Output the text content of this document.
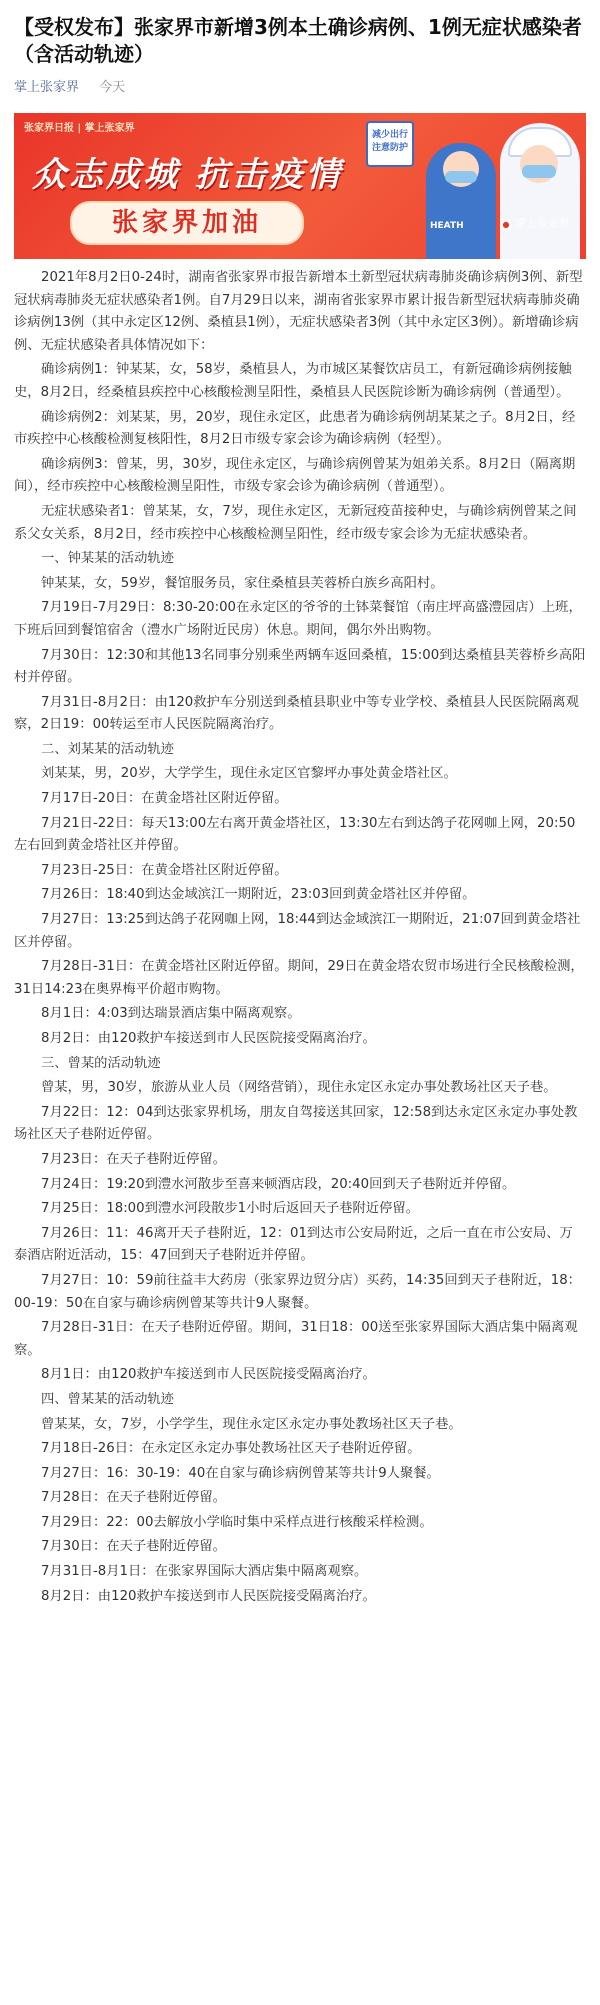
【受权发布】张家界市新增3例本土确诊病例、1例无症状感染者（含活动轨迹）
掌上张家界 今天
张家界日报 | 掌上张家界
众志成城 抗击疫情
张家界加油
减少出行 注意防护
HEATH	● 掌上张家界

2021年8月2日0-24时，湖南省张家界市报告新增本土新型冠状病毒肺炎确诊病例3例、新型冠状病毒肺炎无症状感染者1例。自7月29日以来，湖南省张家界市累计报告新型冠状病毒肺炎确诊病例13例（其中永定区12例、桑植县1例），无症状感染者3例（其中永定区3例）。新增确诊病例、无症状感染者具体情况如下：

确诊病例1：钟某某，女，58岁，桑植县人，为市城区某餐饮店员工，有新冠确诊病例接触史，8月2日，经桑植县疾控中心核酸检测呈阳性，桑植县人民医院诊断为确诊病例（普通型）。

确诊病例2：刘某某，男，20岁，现住永定区，此患者为确诊病例胡某某之子。8月2日，经市疾控中心核酸检测复核阳性，8月2日市级专家会诊为确诊病例（轻型）。

确诊病例3：曾某，男，30岁，现住永定区，与确诊病例曾某为姐弟关系。8月2日（隔离期间），经市疾控中心核酸检测呈阳性，市级专家会诊为确诊病例（普通型）。

无症状感染者1：曾某某，女，7岁，现住永定区，无新冠疫苗接种史，与确诊病例曾某之间系父女关系，8月2日，经市疾控中心核酸检测呈阳性，经市级专家会诊为无症状感染者。

一、钟某某的活动轨迹

钟某某，女，59岁，餐馆服务员，家住桑植县芙蓉桥白族乡高阳村。

7月19日-7月29日：8:30-20:00在永定区的爷爷的土钵菜餐馆（南庄坪高盛澧园店）上班，下班后回到餐馆宿舍（澧水广场附近民房）休息。期间，偶尔外出购物。

7月30日：12:30和其他13名同事分别乘坐两辆车返回桑植，15:00到达桑植县芙蓉桥乡高阳村并停留。

7月31日-8月2日：由120救护车分别送到桑植县职业中等专业学校、桑植县人民医院隔离观察，2日19：00转运至市人民医院隔离治疗。

二、刘某某的活动轨迹

刘某某，男，20岁，大学学生，现住永定区官黎坪办事处黄金塔社区。

7月17日-20日：在黄金塔社区附近停留。

7月21日-22日：每天13:00左右离开黄金塔社区，13:30左右到达鸽子花网咖上网，20:50左右回到黄金塔社区并停留。

7月23日-25日：在黄金塔社区附近停留。

7月26日：18:40到达金域滨江一期附近，23:03回到黄金塔社区并停留。

7月27日：13:25到达鸽子花网咖上网，18:44到达金域滨江一期附近，21:07回到黄金塔社区并停留。

7月28日-31日：在黄金塔社区附近停留。期间，29日在黄金塔农贸市场进行全民核酸检测，31日14:23在奥界梅平价超市购物。

8月1日：4:03到达瑞景酒店集中隔离观察。

8月2日：由120救护车接送到市人民医院接受隔离治疗。

三、曾某的活动轨迹

曾某，男，30岁，旅游从业人员（网络营销），现住永定区永定办事处教场社区天子巷。

7月22日：12：04到达张家界机场，朋友自驾接送其回家，12:58到达永定区永定办事处教场社区天子巷附近停留。

7月23日：在天子巷附近停留。

7月24日：19:20到澧水河散步至喜来顿酒店段，20:40回到天子巷附近并停留。

7月25日：18:00到澧水河段散步1小时后返回天子巷附近停留。

7月26日：11：46离开天子巷附近，12：01到达市公安局附近，之后一直在市公安局、万泰酒店附近活动，15：47回到天子巷附近并停留。

7月27日：10：59前往益丰大药房（张家界边贸分店）买药，14:35回到天子巷附近，18：00-19：50在自家与确诊病例曾某等共计9人聚餐。

7月28日-31日：在天子巷附近停留。期间，31日18：00送至张家界国际大酒店集中隔离观察。

8月1日：由120救护车接送到市人民医院接受隔离治疗。

四、曾某某的活动轨迹

曾某某，女，7岁，小学学生，现住永定区永定办事处教场社区天子巷。

7月18日-26日：在永定区永定办事处教场社区天子巷附近停留。

7月27日：16：30-19：40在自家与确诊病例曾某等共计9人聚餐。

7月28日：在天子巷附近停留。

7月29日：22：00去解放小学临时集中采样点进行核酸采样检测。

7月30日：在天子巷附近停留。

7月31日-8月1日：在张家界国际大酒店集中隔离观察。

8月2日：由120救护车接送到市人民医院接受隔离治疗。
